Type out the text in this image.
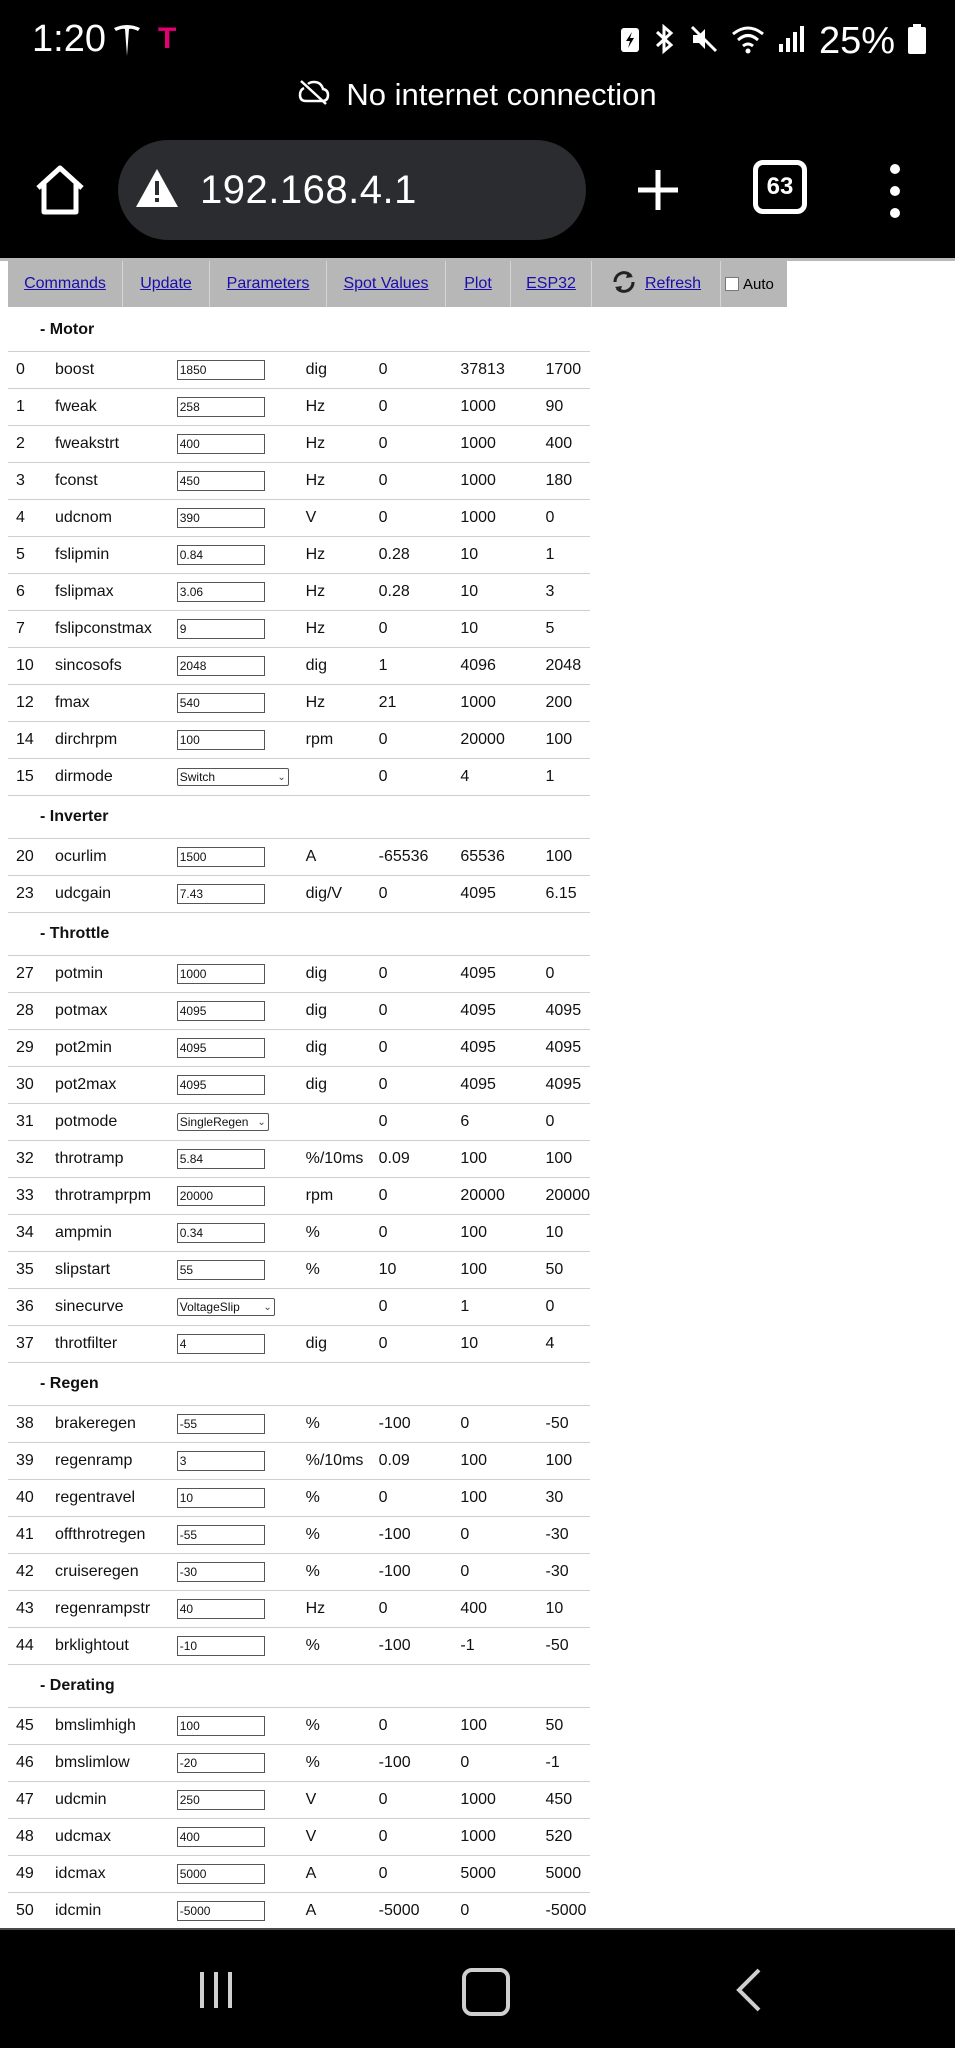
1:20 T	25%
No internet connection
192.168.4.1	63
Commands	Update	Parameters	Spot Values	Plot	ESP32	Refresh	Auto
- Motor						
0	boost	1850	dig	0	37813	1700
1	fweak	258	Hz	0	1000	90
2	fweakstrt	400	Hz	0	1000	400
3	fconst	450	Hz	0	1000	180
4	udcnom	390	V	0	1000	0
5	fslipmin	0.84	Hz	0.28	10	1
6	fslipmax	3.06	Hz	0.28	10	3
7	fslipconstmax	9	Hz	0	10	5
10	sincosofs	2048	dig	1	4096	2048
12	fmax	540	Hz	21	1000	200
14	dirchrpm	100	rpm	0	20000	100
15	dirmode	Switch ⌄		0	4	1
- Inverter						
20	ocurlim	1500	A	-65536	65536	100
23	udcgain	7.43	dig/V	0	4095	6.15
- Throttle						
27	potmin	1000	dig	0	4095	0
28	potmax	4095	dig	0	4095	4095
29	pot2min	4095	dig	0	4095	4095
30	pot2max	4095	dig	0	4095	4095
31	potmode	SingleRegen ⌄		0	6	0
32	throtramp	5.84	%/10ms	0.09	100	100
33	throtramprpm	20000	rpm	0	20000	20000
34	ampmin	0.34	%	0	100	10
35	slipstart	55	%	10	100	50
36	sinecurve	VoltageSlip ⌄		0	1	0
37	throtfilter	4	dig	0	10	4
- Regen						
38	brakeregen	-55	%	-100	0	-50
39	regenramp	3	%/10ms	0.09	100	100
40	regentravel	10	%	0	100	30
41	offthrotregen	-55	%	-100	0	-30
42	cruiseregen	-30	%	-100	0	-30
43	regenrampstr	40	Hz	0	400	10
44	brklightout	-10	%	-100	-1	-50
- Derating						
45	bmslimhigh	100	%	0	100	50
46	bmslimlow	-20	%	-100	0	-1
47	udcmin	250	V	0	1000	450
48	udcmax	400	V	0	1000	520
49	idcmax	5000	A	0	5000	5000
50	idcmin	-5000	A	-5000	0	-5000
